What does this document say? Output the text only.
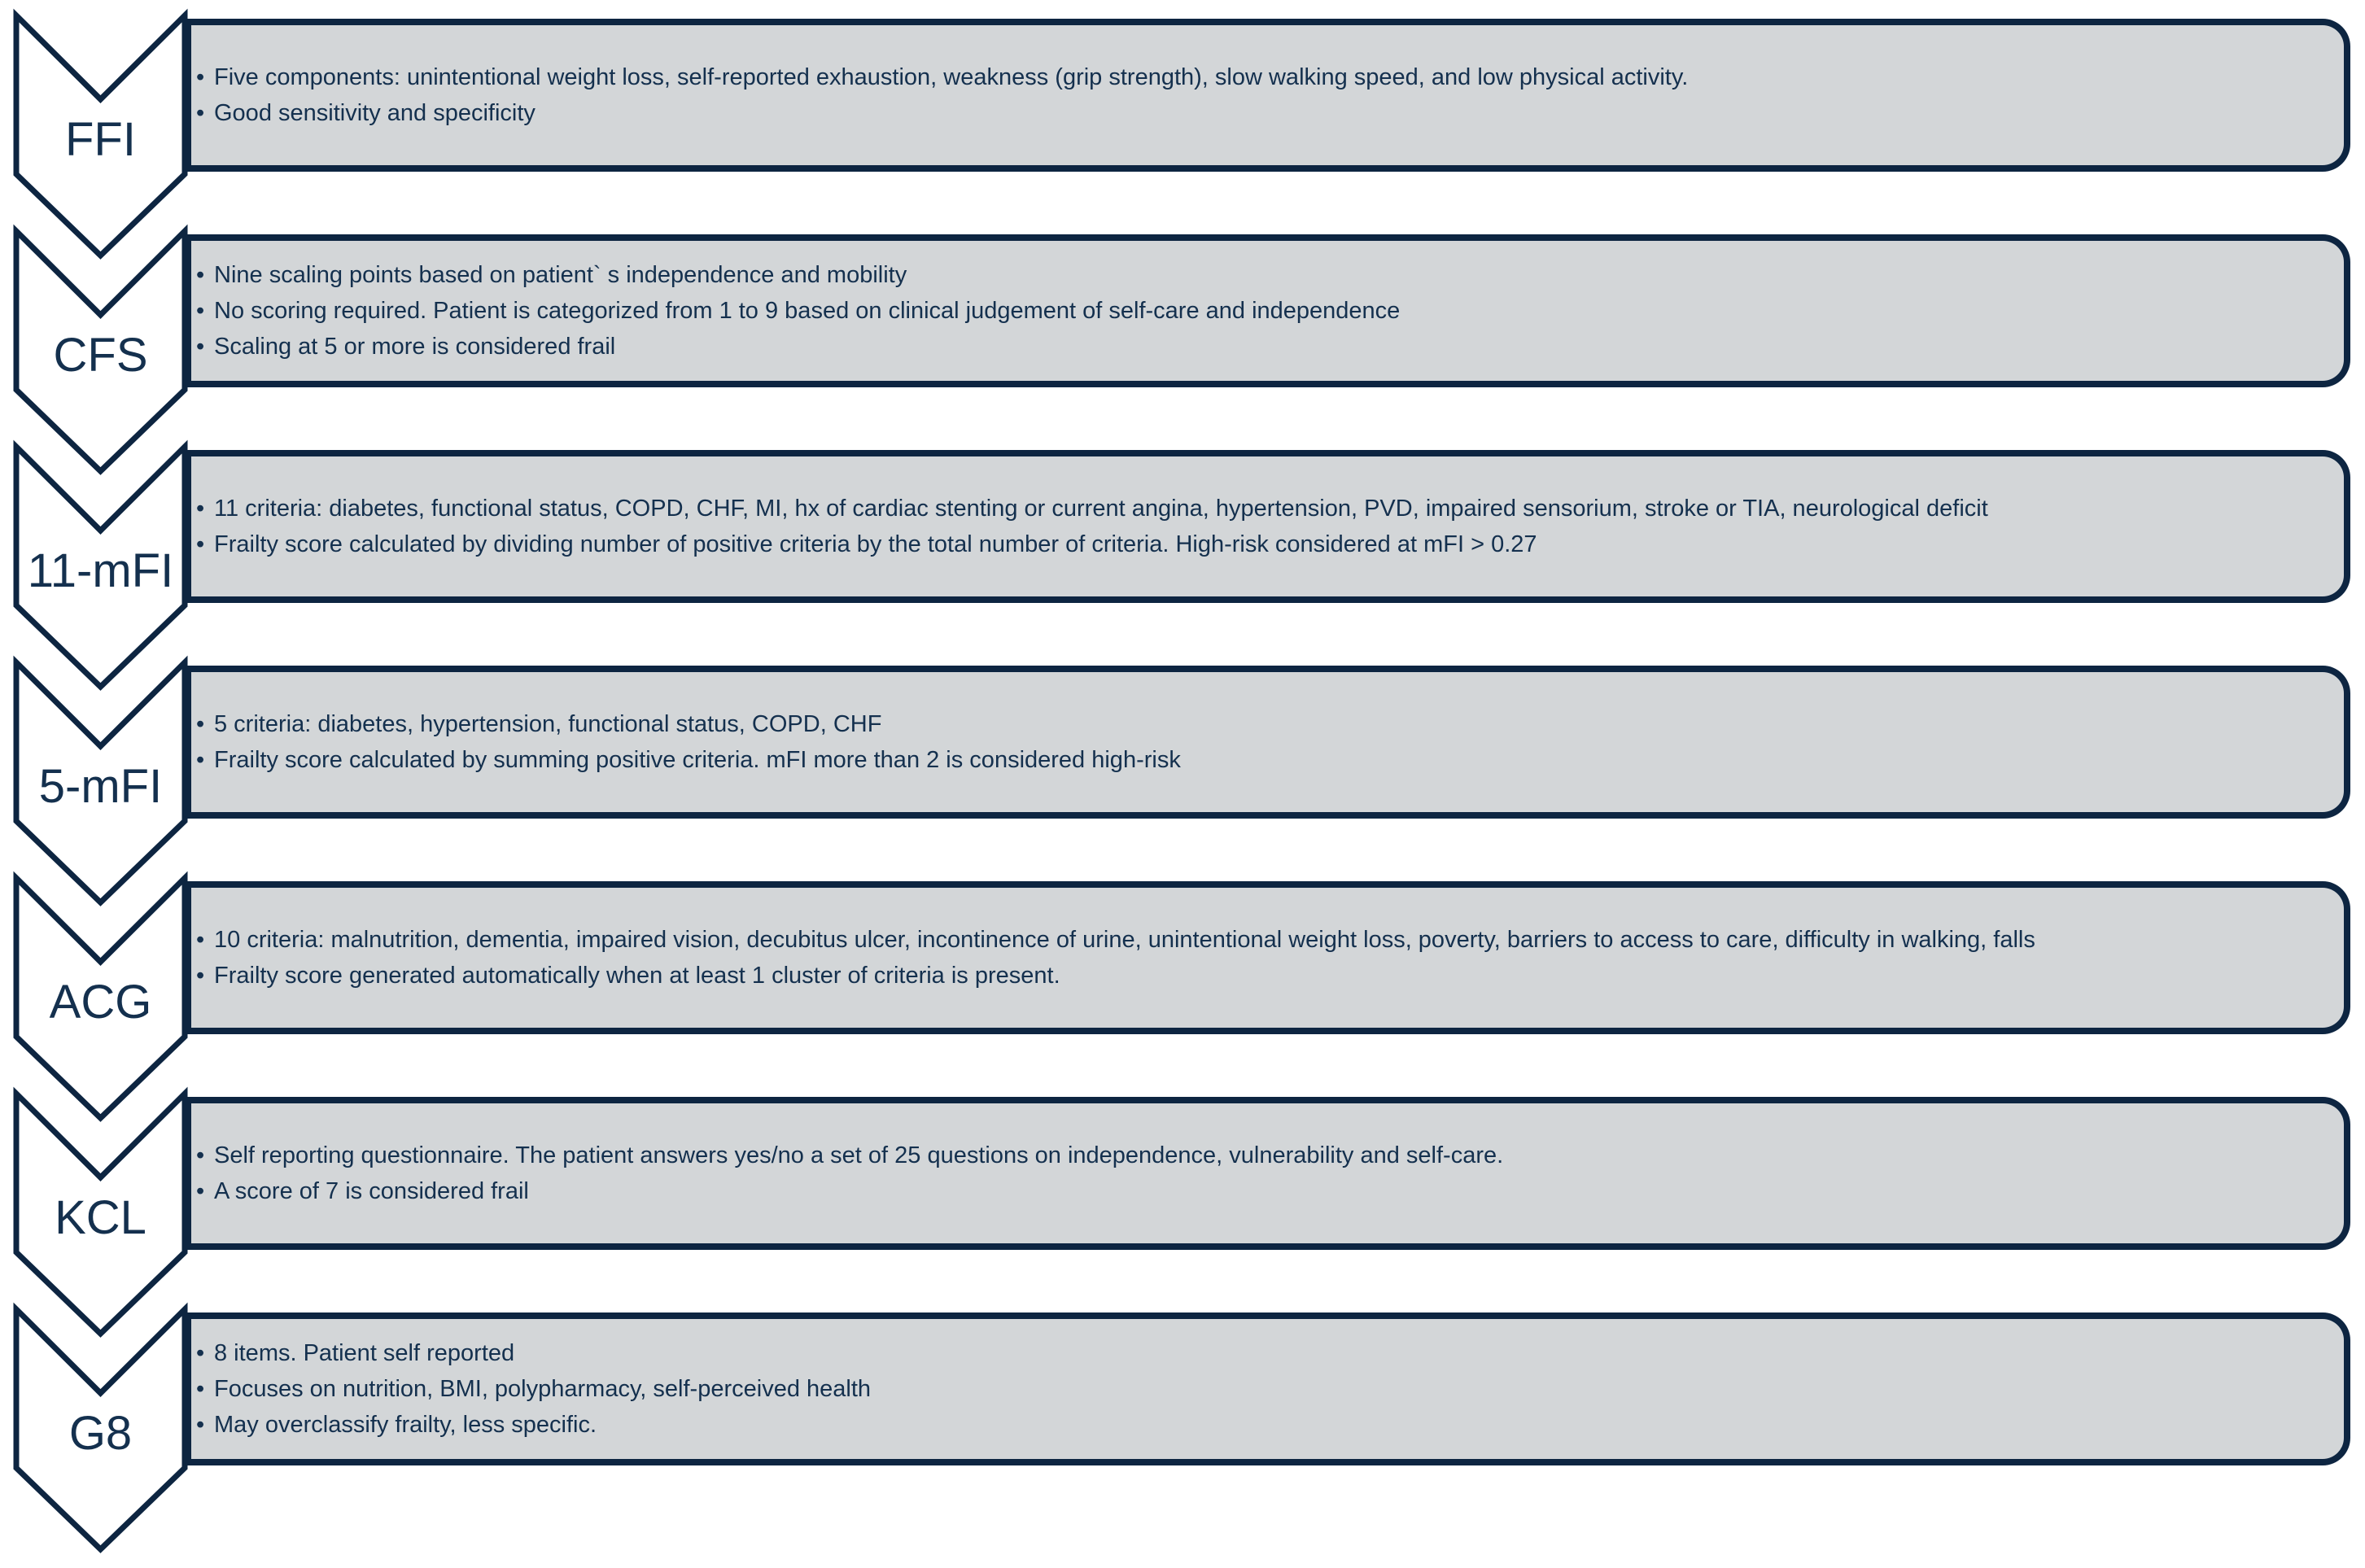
FFI
• Five components: unintentional weight loss, self-reported exhaustion, weakness (grip strength), slow walking speed, and low physical activity.
• Good sensitivity and specificity
CFS
• Nine scaling points based on patient` s independence and mobility
• No scoring required. Patient is categorized from 1 to 9 based on clinical judgement of self-care and independence
• Scaling at 5 or more is considered frail
11-mFI
• 11 criteria: diabetes, functional status, COPD, CHF, MI, hx of cardiac stenting or current angina, hypertension, PVD, impaired sensorium, stroke or TIA, neurological deficit
• Frailty score calculated by dividing number of positive criteria by the total number of criteria. High-risk considered at mFI > 0.27
5-mFI
• 5 criteria: diabetes, hypertension, functional status, COPD, CHF
• Frailty score calculated by summing positive criteria. mFI more than 2 is considered high-risk
ACG
• 10 criteria: malnutrition, dementia, impaired vision, decubitus ulcer, incontinence of urine, unintentional weight loss, poverty, barriers to access to care, difficulty in walking, falls
• Frailty score generated automatically when at least 1 cluster of criteria is present.
KCL
• Self reporting questionnaire. The patient answers yes/no a set of 25 questions on independence, vulnerability and self-care.
• A score of 7 is considered frail
G8
• 8 items. Patient self reported
• Focuses on nutrition, BMI, polypharmacy, self-perceived health
• May overclassify frailty, less specific.
